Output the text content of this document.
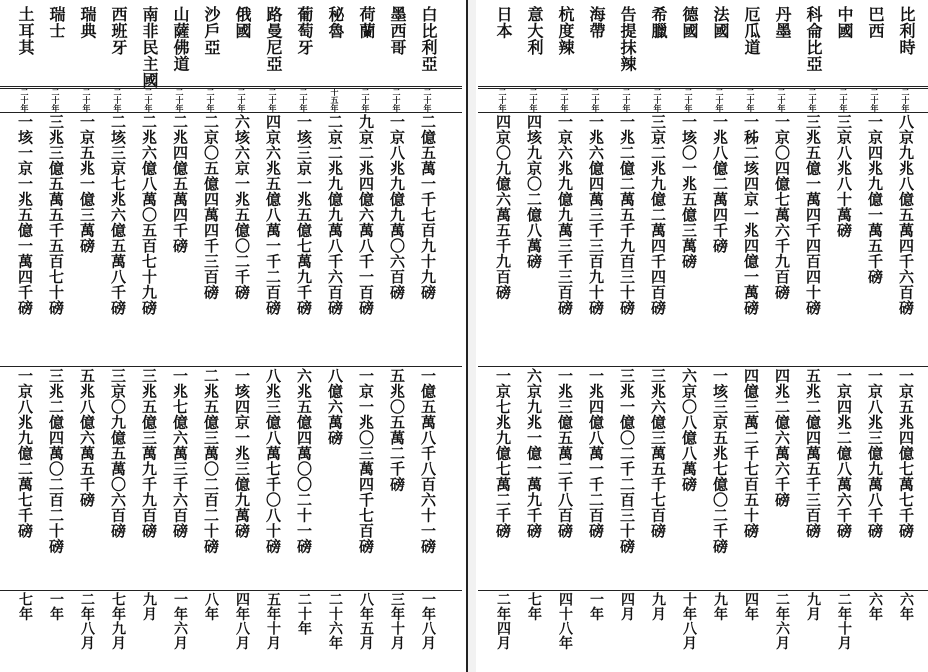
白比利亞
二十年
二億五萬一千七百九十九磅
一億五萬八千八百六十一磅
一年八月
墨西哥
二十年
一京八兆九億九萬〇六百磅
五兆〇五萬二千磅
三年十月
荷蘭
二十年
九京二兆四億六萬八千一百磅
一京一兆〇三萬四千七百磅
八年五月
秘魯
十五年
二京二兆九億九萬八千六百磅
八億六萬磅
二十六年
葡萄牙
二十年
一垓三京一兆五億七萬九千磅
六兆五億四萬〇〇二十一磅
二十年
路曼尼亞
二十年
四京六兆五億八萬一千二百磅
八兆三億八萬七千〇八十磅
五年十月
俄國
二十年
六垓六京一兆五億〇二千磅
一垓四京一兆三億九萬磅
四年八月
沙戶亞
二十年
二京〇五億四萬四千三百磅
二兆五億三萬〇二百二十磅
八年
山薩佛道
二十年
二兆四億五萬四千磅
一兆七億六萬三千六百磅
一年六月
南非民主國
二十年
二兆六億八萬〇五百七十九磅
三兆五億三萬九千九百磅
九月
西班牙
二十年
二垓三京七兆六億五萬八千磅
三京〇九億五萬〇六百磅
七年九月
瑞典
二十年
一京五兆一億三萬磅
五兆八億六萬五千磅
二年八月
瑞士
二十年
三兆三億五萬五千五百七十磅
三兆二億四萬〇二百二十磅
一年
土耳其
二十年
一垓一京一兆五億一萬四千磅
一京八兆九億二萬七千磅
七年
比利時
二十年
八京九兆八億五萬四千六百磅
一京五兆四億七萬七千磅
六年
巴西
二十年
一京四兆九億一萬五千磅
一京八兆三億九萬八千磅
六年
中國
二十年
三京八兆八十萬磅
一京四兆二億八萬六千磅
二年十月
科侖比亞
二十年
三兆五億一萬四千四百四十磅
五兆二億四萬五千三百磅
九月
丹墨
二十年
一京〇四億七萬六千九百磅
四兆二億六萬六千磅
二年六月
厄瓜道
二十年
一秭二垓四京一兆四億一萬磅
四億三萬二千七百五十磅
四年
法國
二十年
一兆八億二萬四千磅
一垓三京五兆七億〇二千磅
九年
德國
二十年
一垓〇一兆五億三萬磅
六京〇八億八萬磅
十年八月
希臘
二十年
三京二兆九億二萬四千四百磅
三兆六億三萬五千七百磅
九月
告提抹辣
二十年
一兆二億二萬五千九百三十磅
三兆一億〇二千二百三十磅
四月
海帶
二十年
一兆六億四萬三千三百九十磅
一兆四億八萬一千二百磅
一年
杭度辣
二十年
一京六兆九億九萬三千三百磅
一兆三億五萬二千八百磅
四十八年
意大利
二十年
四垓九京〇二億八萬磅
六京九兆一億一萬九千磅
七年
日本
二十年
四京〇九億六萬五千九百磅
一京七兆九億七萬二千磅
二年四月
